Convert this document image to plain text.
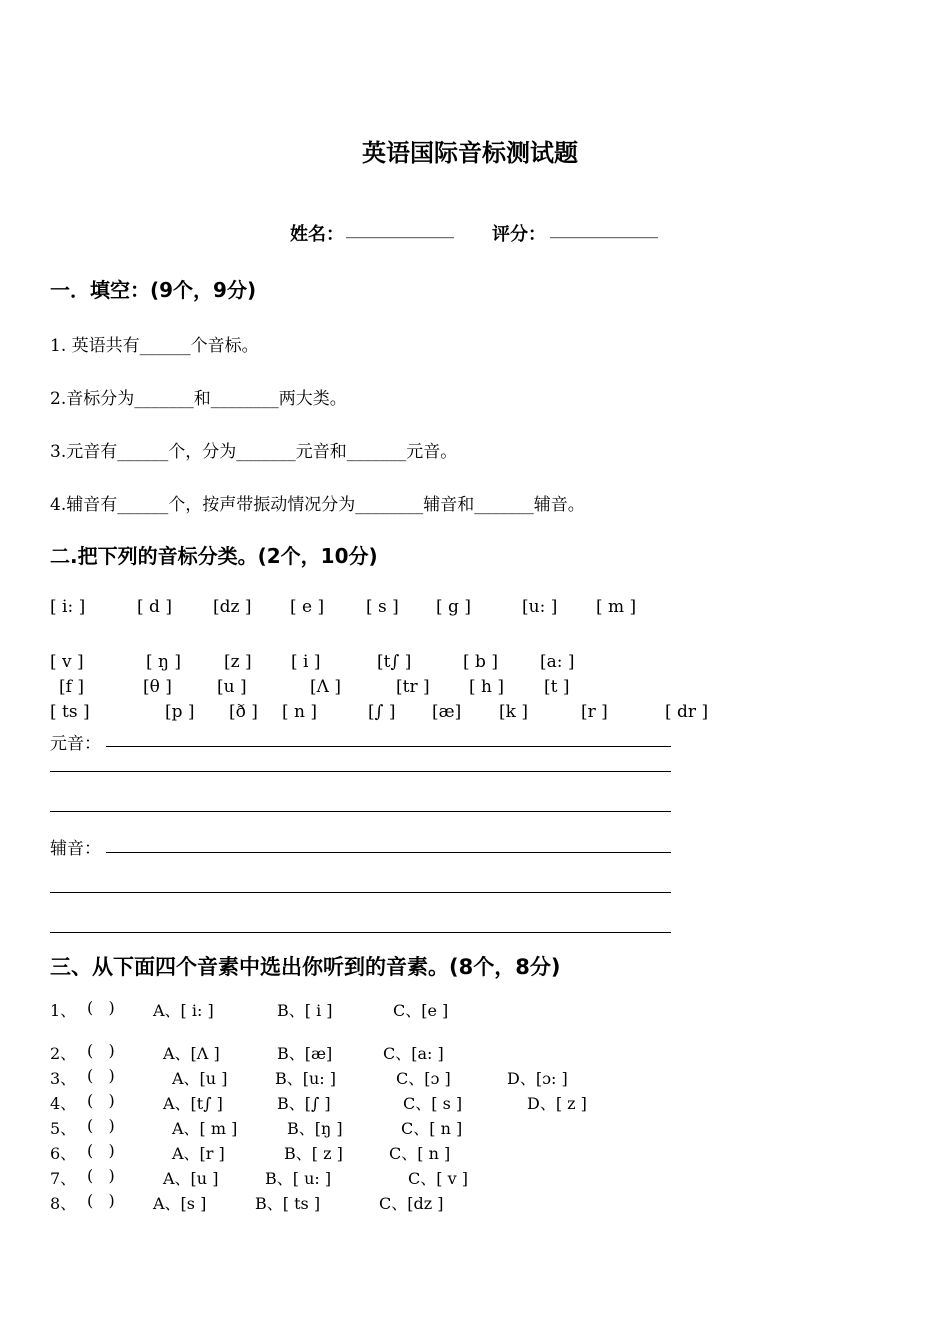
英语国际音标测试题
姓名： ____________ 评分： ____________
一．填空：(9个，9分)
1. 英语共有______个音标。
2.音标分为_______和________两大类。
3.元音有______个，分为_______元音和_______元音。
4.辅音有______个，按声带振动情况分为________辅音和_______辅音。
二.把下列的音标分类。(2个，10分)
[ i: ]	[ d ] [dz ] [ e ] [ s ] [ g ]	[u: ] [ m ]
[ v ]	[ ŋ ]	[z ] [ i ]	[t∫ ]	[ b ] [a: ]
[f ]	[θ ]	[u ]	[Λ ]	[tr ] [ h ] [t ]
[ ts ]	[p ] [ð ] [ n ]	[∫ ] [æ] [k ]	[r ]	[ dr ]
元音：
辅音：
三、从下面四个音素中选出你听到的音素。(8个，8分)
1、 (   ) A、[ i: ]	B、[ i ]	C、[e ]
2、 (   )	A、[Λ ]	B、[æ]	C、[a: ]
3、 (   )	A、[u ]	B、[u: ]	C、[ɔ ]	D、[ɔ: ]
4、 (   )	A、[t∫ ]	B、[∫ ]	C、[ s ]	D、[ z ]
5、 (   )	A、[ m ]	B、[ŋ ]	C、[ n ]
6、 (   )	A、[r ]	B、[ z ]	C、[ n ]
7、 (   )	A、[u ]	B、[ u: ]	C、[ v ]
8、 (   ) A、[s ]	B、[ ts ]	C、[dz ]
